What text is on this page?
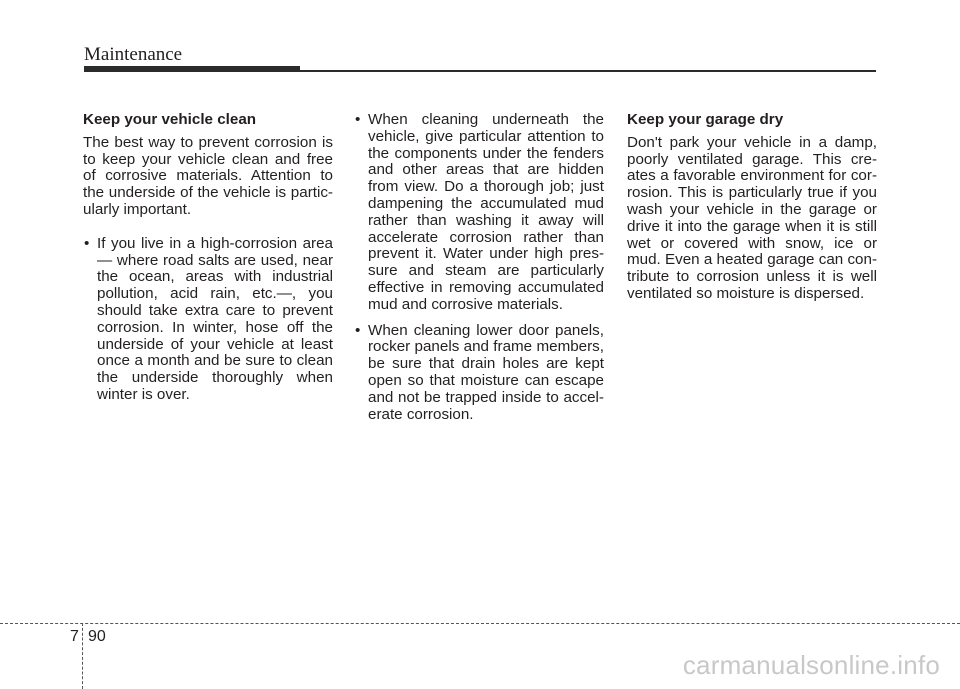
Maintenance

Keep your vehicle clean

The best way to prevent corrosion is to keep your vehicle clean and free of corrosive materials. Attention to the underside of the vehicle is partic- ularly important.

• If you live in a high-corrosion area — where road salts are used, near the ocean, areas with industrial pollution, acid rain, etc.—, you should take extra care to prevent corrosion. In winter, hose off the underside of your vehicle at least once a month and be sure to clean the underside thoroughly when winter is over.
• When cleaning underneath the vehicle, give particular attention to the components under the fenders and other areas that are hidden from view. Do a thorough job; just dampening the accumulated mud rather than washing it away will accelerate corrosion rather than prevent it. Water under high pres- sure and steam are particularly effective in removing accumulated mud and corrosive materials.
• When cleaning lower door panels, rocker panels and frame members, be sure that drain holes are kept open so that moisture can escape and not be trapped inside to accel- erate corrosion.

Keep your garage dry

Don't park your vehicle in a damp, poorly ventilated garage. This cre- ates a favorable environment for cor- rosion. This is particularly true if you wash your vehicle in the garage or drive it into the garage when it is still wet or covered with snow, ice or mud. Even a heated garage can con- tribute to corrosion unless it is well ventilated so moisture is dispersed.

7 90
carmanualsonline.info
